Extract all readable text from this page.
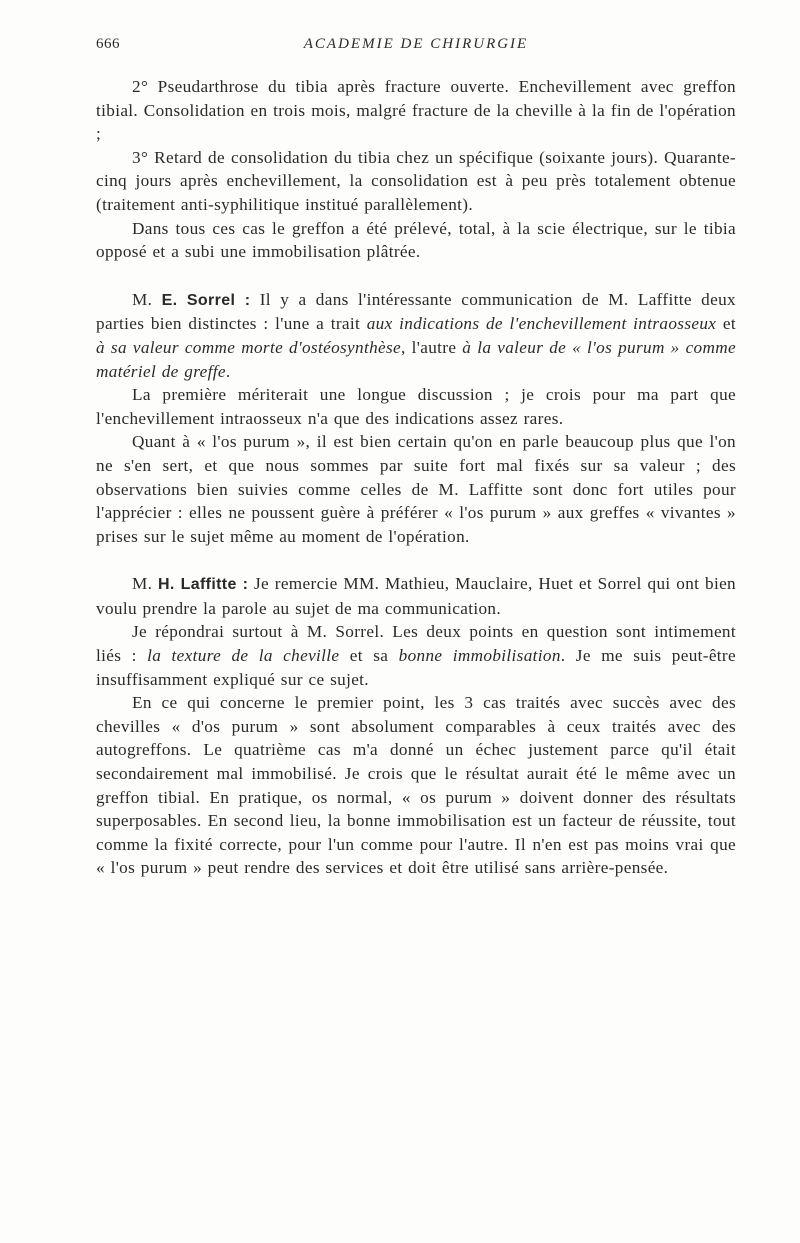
666	ACADEMIE DE CHIRURGIE

2° Pseudarthrose du tibia après fracture ouverte. Enchevillement avec greffon tibial. Consolidation en trois mois, malgré fracture de la cheville à la fin de l'opération ;

3° Retard de consolidation du tibia chez un spécifique (soixante jours). Quarante-cinq jours après enchevillement, la consolidation est à peu près totalement obtenue (traitement anti-syphilitique institué parallèlement).

Dans tous ces cas le greffon a été prélevé, total, à la scie électrique, sur le tibia opposé et a subi une immobilisation plâtrée.

M. E. Sorrel : Il y a dans l'intéressante communication de M. Laffitte deux parties bien distinctes : l'une a trait aux indications de l'enchevillement intraosseux et à sa valeur comme morte d'ostéosynthèse, l'autre à la valeur de « l'os purum » comme matériel de greffe.

La première mériterait une longue discussion ; je crois pour ma part que l'enchevillement intraosseux n'a que des indications assez rares.

Quant à « l'os purum », il est bien certain qu'on en parle beaucoup plus que l'on ne s'en sert, et que nous sommes par suite fort mal fixés sur sa valeur ; des observations bien suivies comme celles de M. Laffitte sont donc fort utiles pour l'apprécier : elles ne poussent guère à préférer « l'os purum » aux greffes « vivantes » prises sur le sujet même au moment de l'opération.

M. H. Laffitte : Je remercie MM. Mathieu, Mauclaire, Huet et Sorrel qui ont bien voulu prendre la parole au sujet de ma communication.

Je répondrai surtout à M. Sorrel. Les deux points en question sont intimement liés : la texture de la cheville et sa bonne immobilisation. Je me suis peut-être insuffisamment expliqué sur ce sujet.

En ce qui concerne le premier point, les 3 cas traités avec succès avec des chevilles « d'os purum » sont absolument comparables à ceux traités avec des autogreffons. Le quatrième cas m'a donné un échec justement parce qu'il était secondairement mal immobilisé. Je crois que le résultat aurait été le même avec un greffon tibial. En pratique, os normal, « os purum » doivent donner des résultats superposables. En second lieu, la bonne immobilisation est un facteur de réussite, tout comme la fixité correcte, pour l'un comme pour l'autre. Il n'en est pas moins vrai que « l'os purum » peut rendre des services et doit être utilisé sans arrière-pensée.
